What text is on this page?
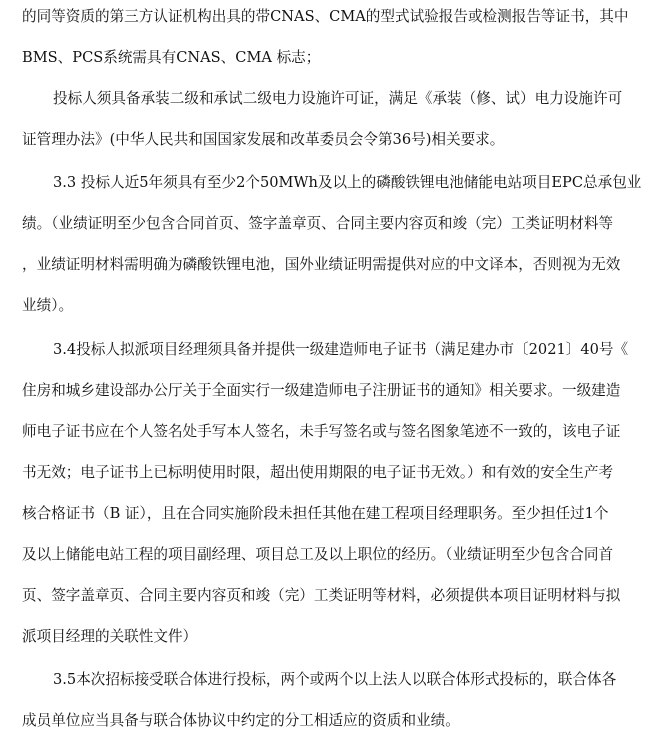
的同等资质的第三方认证机构出具的带CNAS、CMA的型式试验报告或检测报告等证书，其中
BMS、PCS系统需具有CNAS、CMA 标志；
投标人须具备承装二级和承试二级电力设施许可证，满足《承装（修、试）电力设施许可
证管理办法》(中华人民共和国国家发展和改革委员会令第36号)相关要求。
3.3 投标人近5年须具有至少2个50MWh及以上的磷酸铁锂电池储能电站项目EPC总承包业
绩。（业绩证明至少包含合同首页、签字盖章页、合同主要内容页和竣（完）工类证明材料等
，业绩证明材料需明确为磷酸铁锂电池，国外业绩证明需提供对应的中文译本，否则视为无效
业绩）。
3.4投标人拟派项目经理须具备并提供一级建造师电子证书（满足建办市〔2021〕40号《
住房和城乡建设部办公厅关于全面实行一级建造师电子注册证书的通知》相关要求。一级建造
师电子证书应在个人签名处手写本人签名，未手写签名或与签名图象笔迹不一致的，该电子证
书无效；电子证书上已标明使用时限，超出使用期限的电子证书无效。）和有效的安全生产考
核合格证书（B 证），且在合同实施阶段未担任其他在建工程项目经理职务。至少担任过1个
及以上储能电站工程的项目副经理、项目总工及以上职位的经历。（业绩证明至少包含合同首
页、签字盖章页、合同主要内容页和竣（完）工类证明等材料，必须提供本项目证明材料与拟
派项目经理的关联性文件）
3.5本次招标接受联合体进行投标，两个或两个以上法人以联合体形式投标的，联合体各
成员单位应当具备与联合体协议中约定的分工相适应的资质和业绩。
